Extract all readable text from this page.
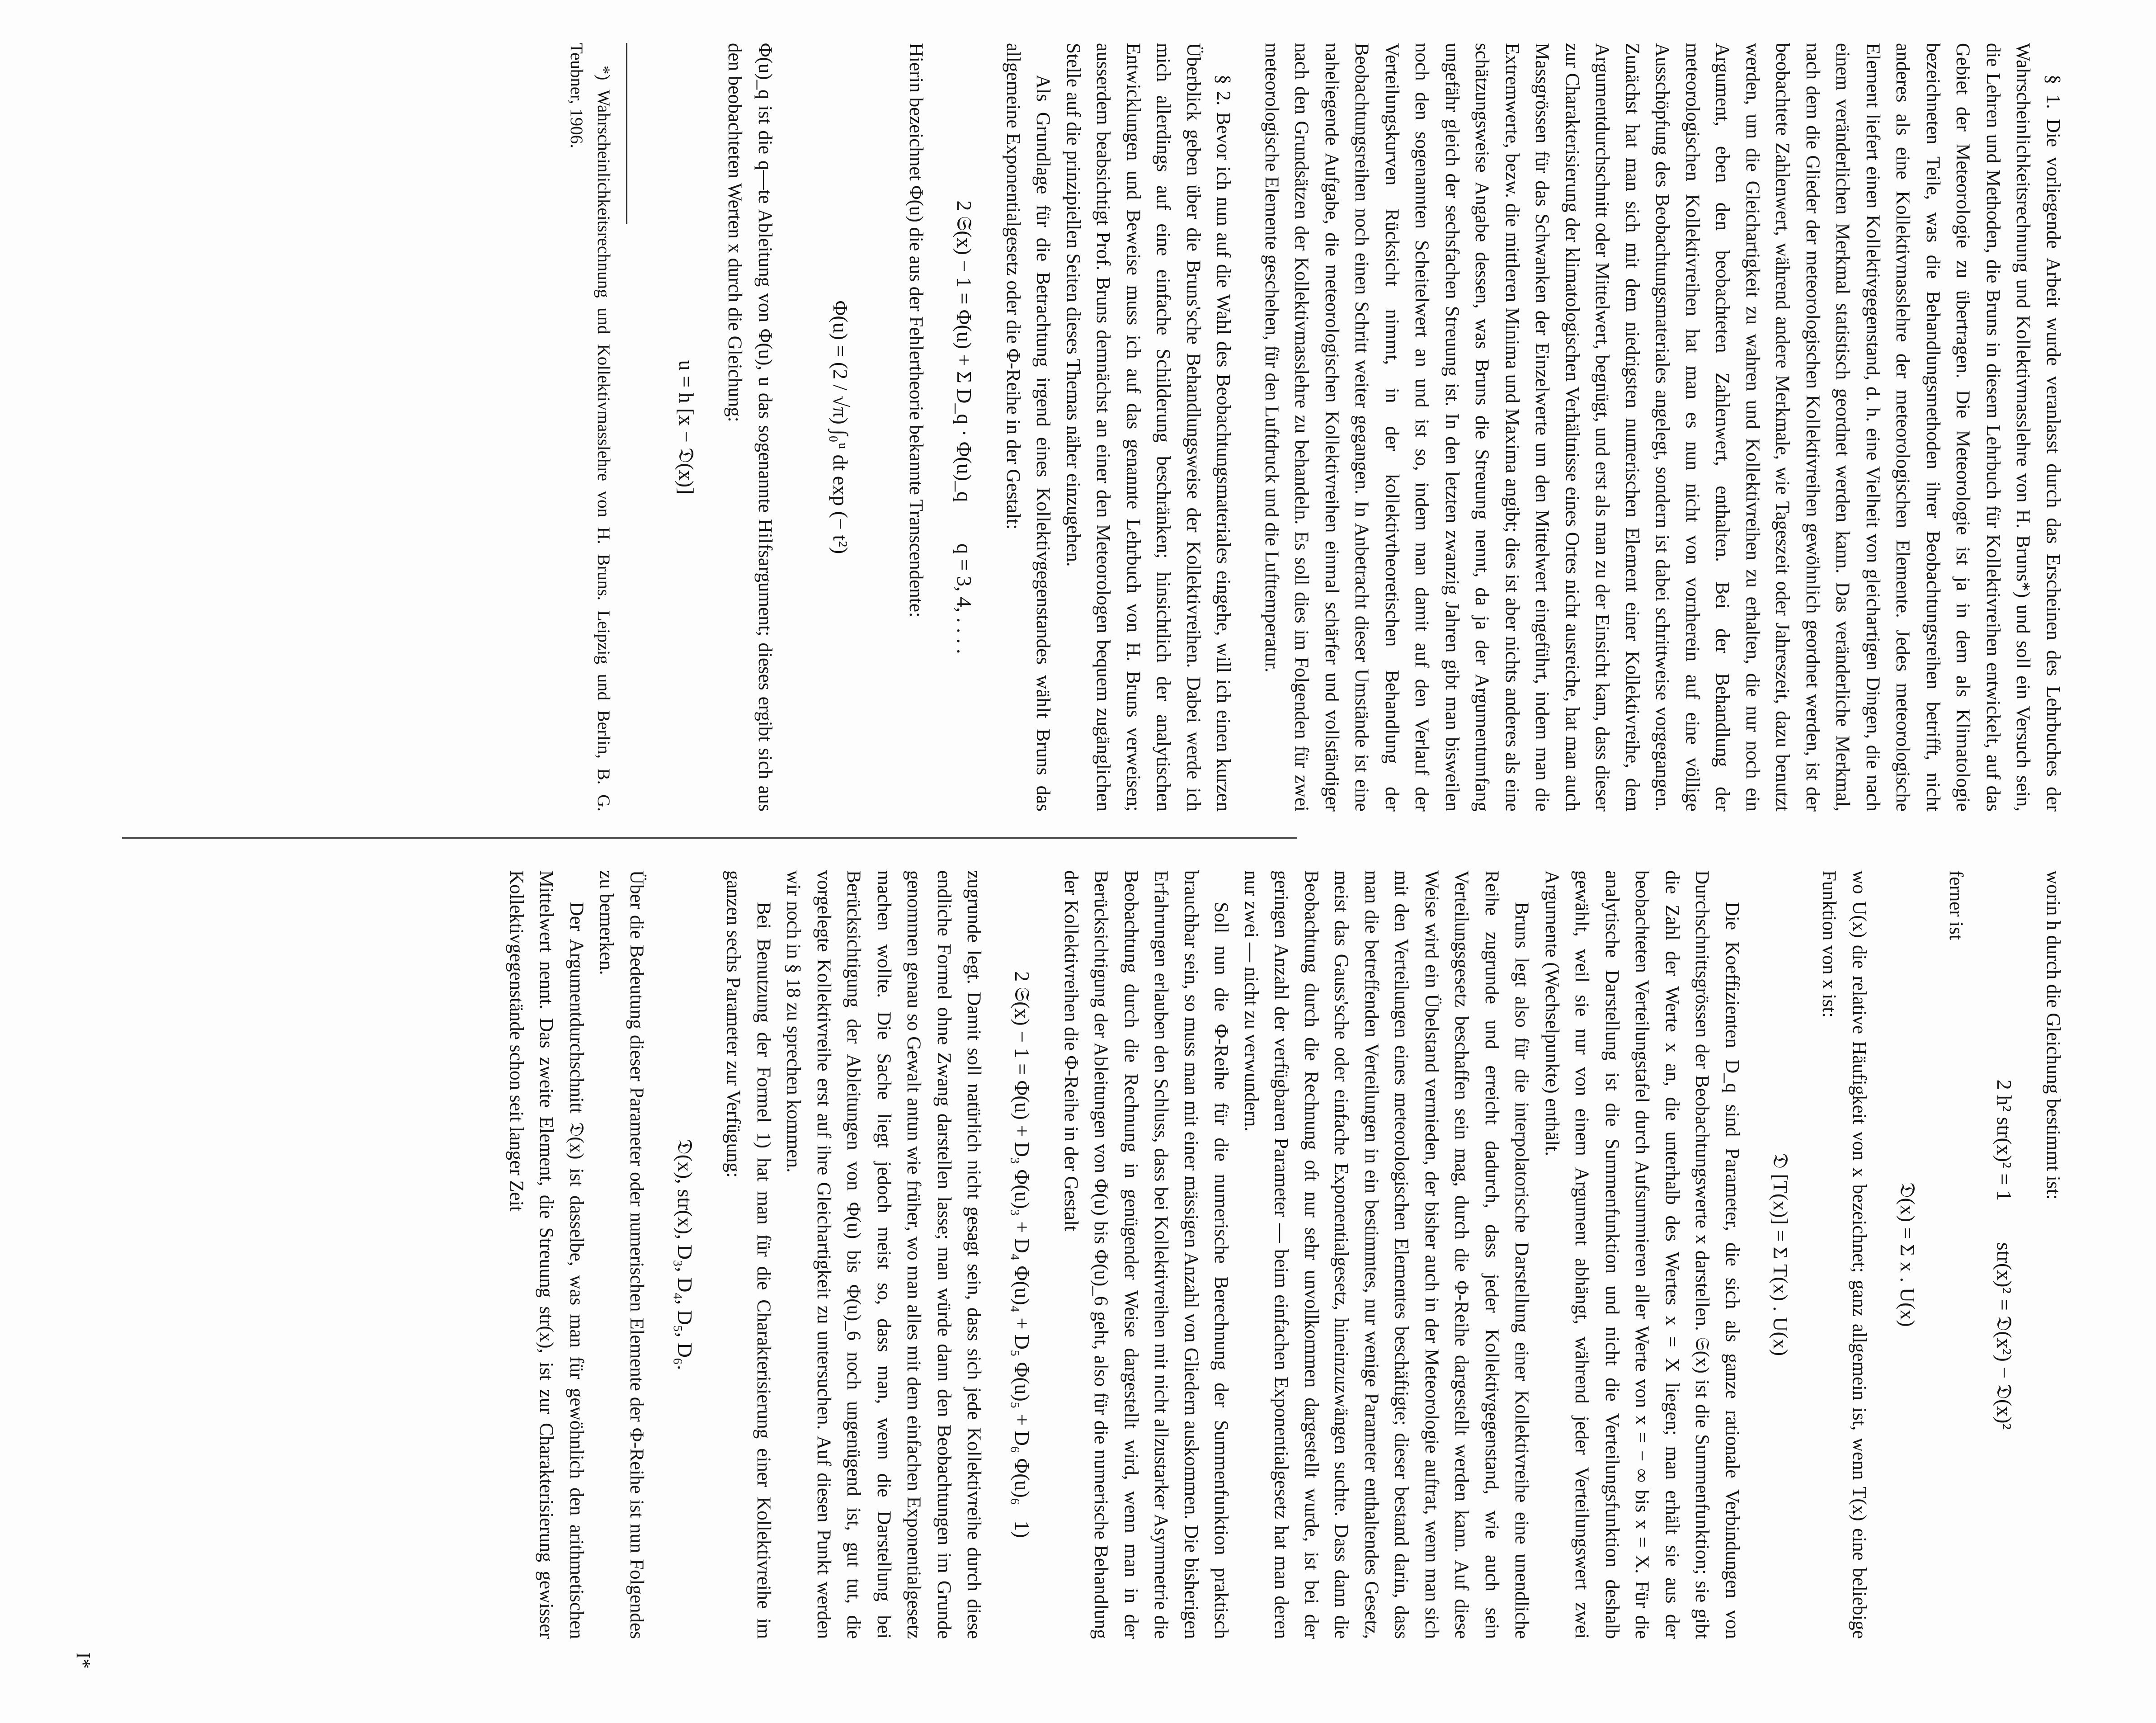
§ 1. Die vorliegende Arbeit wurde veranlasst durch das Erscheinen des Lehrbuches der Wahrscheinlichkeitsrechnung und Kollektivmasslehre von H. Bruns*) und soll ein Versuch sein, die Lehren und Methoden, die Bruns in diesem Lehrbuch für Kollektivreihen entwickelt, auf das Gebiet der Meteorologie zu übertragen. Die Meteorologie ist ja in dem als Klimatologie bezeichneten Teile, was die Behandlungsmethoden ihrer Beobachtungsreihen betrifft, nicht anderes als eine Kollektivmasslehre der meteorologischen Elemente. Jedes meteorologische Element liefert einen Kollektivgegenstand, d. h. eine Vielheit von gleichartigen Dingen, die nach einem veränderlichen Merkmal statistisch geordnet werden kann. Das veränderliche Merkmal, nach dem die Glieder der meteorologischen Kollektivreihen gewöhnlich geordnet werden, ist der beobachtete Zahlenwert, während andere Merkmale, wie Tageszeit oder Jahreszeit, dazu benutzt werden, um die Gleichartigkeit zu wahren und Kollektivreihen zu erhalten, die nur noch ein Argument, eben den beobachteten Zahlenwert, enthalten. Bei der Behandlung der meteorologischen Kollektivreihen hat man es nun nicht von vornherein auf eine völlige Ausschöpfung des Beobachtungsmateriales angelegt, sondern ist dabei schrittweise vorgegangen. Zunächst hat man sich mit dem niedrigsten numerischen Element einer Kollektivreihe, dem Argumentdurchschnitt oder Mittelwert, begnügt, und erst als man zu der Einsicht kam, dass dieser zur Charakterisierung der klimatologischen Verhältnisse eines Ortes nicht ausreiche, hat man auch Massgrössen für das Schwanken der Einzelwerte um den Mittelwert eingeführt, indem man die Extremwerte, bezw. die mittleren Minima und Maxima angibt; dies ist aber nichts anderes als eine schätzungsweise Angabe dessen, was Bruns die Streuung nennt, da ja der Argumentumfang ungefähr gleich der sechsfachen Streuung ist. In den letzten zwanzig Jahren gibt man bisweilen noch den sogenannten Scheitelwert an und ist so, indem man damit auf den Verlauf der Verteilungskurven Rücksicht nimmt, in der kollektivtheoretischen Behandlung der Beobachtungsreihen noch einen Schritt weiter gegangen. In Anbetracht dieser Umstände ist eine naheliegende Aufgabe, die meteorologischen Kollektivreihen einmal schärfer und vollständiger nach den Grundsätzen der Kollektivmasslehre zu behandeln. Es soll dies im Folgenden für zwei meteorologische Elemente geschehen, für den Luftdruck und die Lufttemperatur.

§ 2. Bevor ich nun auf die Wahl des Beobachtungsmateriales eingehe, will ich einen kurzen Überblick geben über die Bruns'sche Behandlungsweise der Kollektivreihen. Dabei werde ich mich allerdings auf eine einfache Schilderung beschränken; hinsichtlich der analytischen Entwicklungen und Beweise muss ich auf das genannte Lehrbuch von H. Bruns verweisen; ausserdem beabsichtigt Prof. Bruns demnächst an einer den Meteorologen bequem zugänglichen Stelle auf die prinzipiellen Seiten dieses Themas näher einzugehen.

Als Grundlage für die Betrachtung irgend eines Kollektivgegenstandes wählt Bruns das allgemeine Exponentialgesetz oder die Φ-Reihe in der Gestalt:

2 𝔖(x) − 1 = Φ(u) + Σ D_q · Φ(u)_q        q = 3, 4, . . . .

Hierin bezeichnet Φ(u) die aus der Fehlertheorie bekannte Transcendente:

Φ(u) = (2 / √π) ∫₀ᵘ dt exp (− t²)

Φ(u)_q ist die q—te Ableitung von Φ(u), u das sogenannte Hilfsargument; dieses ergibt sich aus den beobachteten Werten x durch die Gleichung:

u = h [x − 𝔇(x)]

*) Wahrscheinlichkeitsrechnung und Kollektivmasslehre von H. Bruns. Leipzig und Berlin, B. G. Teubner, 1906.

worin h durch die Gleichung bestimmt ist:

2 h² str(x)² = 1        str(x)² = 𝔇(x²) − 𝔇(x)²

ferner ist

𝔇(x) = Σ x . U(x)

wo U(x) die relative Häufigkeit von x bezeichnet; ganz allgemein ist, wenn T(x) eine beliebige Funktion von x ist:

𝔇 [T(x)] = Σ T(x) . U(x)

Die Koeffizienten D_q sind Parameter, die sich als ganze rationale Verbindungen von Durchschnittsgrössen der Beobachtungswerte x darstellen. 𝔖(x) ist die Summenfunktion; sie gibt die Zahl der Werte x an, die unterhalb des Wertes x = X liegen; man erhält sie aus der beobachteten Verteilungstafel durch Aufsummieren aller Werte von x = − ∞ bis x = X. Für die analytische Darstellung ist die Summenfunktion und nicht die Verteilungsfunktion deshalb gewählt, weil sie nur von einem Argument abhängt, während jeder Verteilungswert zwei Argumente (Wechselpunkte) enthält.

Bruns legt also für die interpolatorische Darstellung einer Kollektivreihe eine unendliche Reihe zugrunde und erreicht dadurch, dass jeder Kollektivgegenstand, wie auch sein Verteilungsgesetz beschaffen sein mag, durch die Φ-Reihe dargestellt werden kann. Auf diese Weise wird ein Übelstand vermieden, der bisher auch in der Meteorologie auftrat, wenn man sich mit den Verteilungen eines meteorologischen Elementes beschäftigte; dieser bestand darin, dass man die betreffenden Verteilungen in ein bestimmtes, nur wenige Parameter enthaltendes Gesetz, meist das Gauss'sche oder einfache Exponentialgesetz, hineinzuzwängen suchte. Dass dann die Beobachtung durch die Rechnung oft nur sehr unvollkommen dargestellt wurde, ist bei der geringen Anzahl der verfügbaren Parameter — beim einfachen Exponentialgesetz hat man deren nur zwei — nicht zu verwundern.

Soll nun die Φ-Reihe für die numerische Berechnung der Summenfunktion praktisch brauchbar sein, so muss man mit einer mässigen Anzahl von Gliedern auskommen. Die bisherigen Erfahrungen erlauben den Schluss, dass bei Kollektivreihen mit nicht allzustarker Asymmetrie die Beobachtung durch die Rechnung in genügender Weise dargestellt wird, wenn man in der Berücksichtigung der Ableitungen von Φ(u) bis Φ(u)_6 geht, also für die numerische Behandlung der Kollektivreihen die Φ-Reihe in der Gestalt

2 𝔖(x) − 1 = Φ(u) + D₃ Φ(u)₃ + D₄ Φ(u)₄ + D₅ Φ(u)₅ + D₆ Φ(u)₆   1)

zugrunde legt. Damit soll natürlich nicht gesagt sein, dass sich jede Kollektivreihe durch diese endliche Formel ohne Zwang darstellen lasse; man würde dann den Beobachtungen im Grunde genommen genau so Gewalt antun wie früher, wo man alles mit dem einfachen Exponentialgesetz machen wollte. Die Sache liegt jedoch meist so, dass man, wenn die Darstellung bei Berücksichtigung der Ableitungen von Φ(u) bis Φ(u)_6 noch ungenügend ist, gut tut, die vorgelegte Kollektivreihe erst auf ihre Gleichartigkeit zu untersuchen. Auf diesen Punkt werden wir noch in § 18 zu sprechen kommen.

Bei Benutzung der Formel 1) hat man für die Charakterisierung einer Kollektivreihe im ganzen sechs Parameter zur Verfügung:

𝔇(x), str(x), D₃, D₄, D₅, D₆.

Über die Bedeutung dieser Parameter oder numerischen Elemente der Φ-Reihe ist nun Folgendes zu bemerken.

Der Argumentdurchschnitt 𝔇(x) ist dasselbe, was man für gewöhnlich den arithmetischen Mittelwert nennt. Das zweite Element, die Streuung str(x), ist zur Charakterisierung gewisser Kollektivgegenstände schon seit langer Zeit

I*
